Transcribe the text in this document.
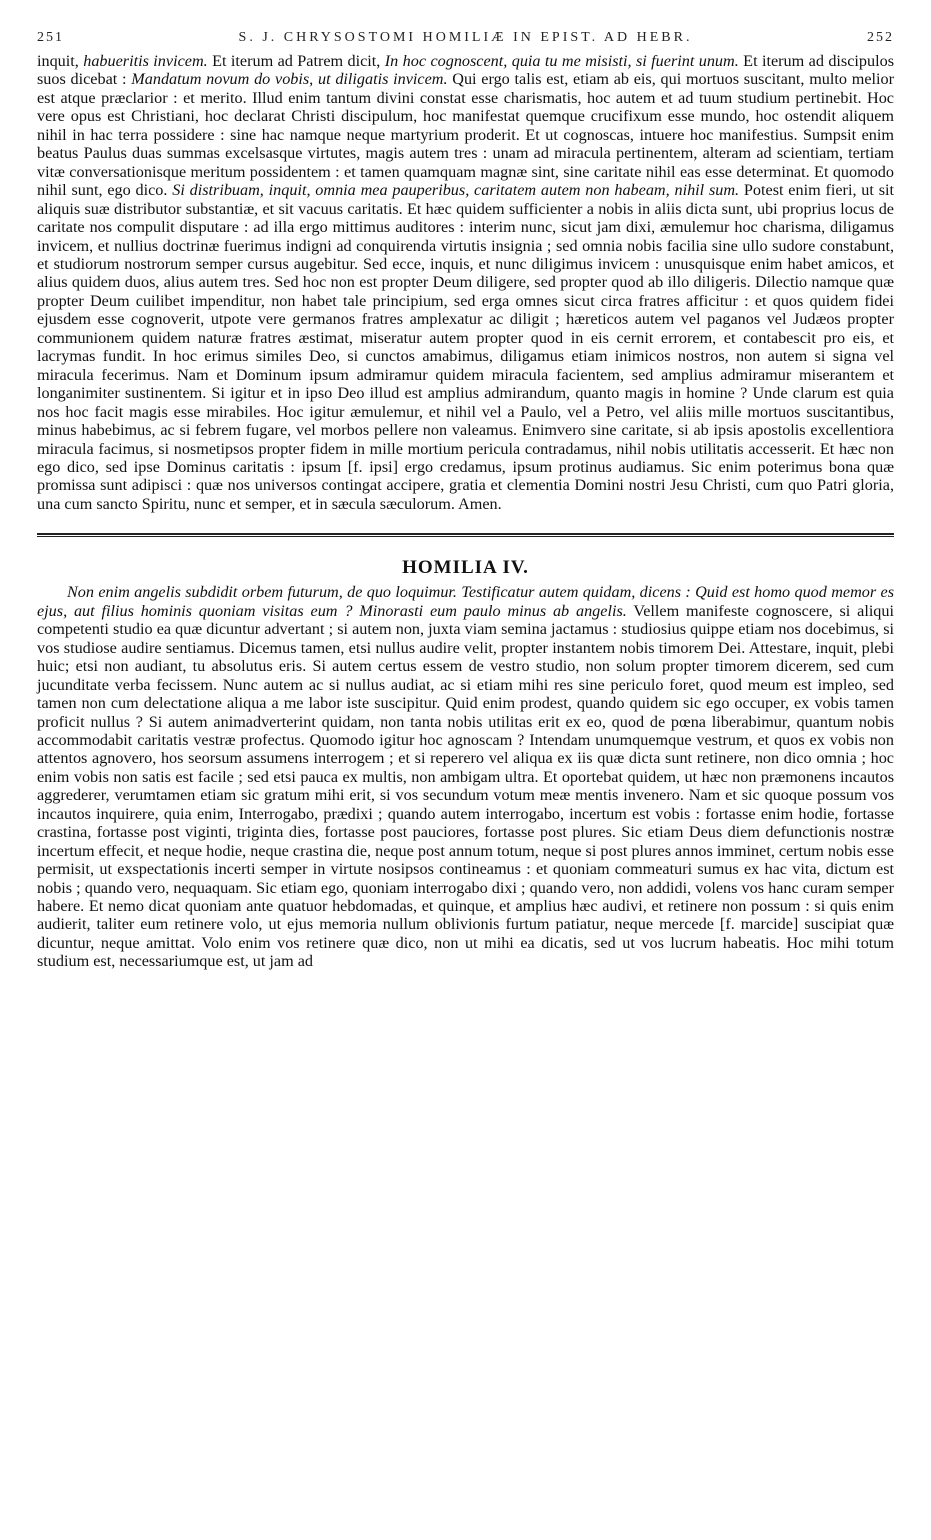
251	S. J. CHRYSOSTOMI HOMILIÆ IN EPIST. AD HEBR.	252

inquit, habueritis invicem. Et iterum ad Patrem dicit, In hoc cognoscent, quia tu me misisti, si fuerint unum. Et iterum ad discipulos suos dicebat : Mandatum novum do vobis, ut diligatis invicem. Qui ergo talis est, etiam ab eis, qui mortuos suscitant, multo melior est atque præclarior : et merito. Illud enim tantum divini constat esse charismatis, hoc autem et ad tuum studium pertinebit. Hoc vere opus est Christiani, hoc declarat Christi discipulum, hoc manifestat quemque crucifixum esse mundo, hoc ostendit aliquem nihil in hac terra possidere : sine hac namque neque martyrium proderit. Et ut cognoscas, intuere hoc manifestius. Sumpsit enim beatus Paulus duas summas excelsasque virtutes, magis autem tres : unam ad miracula pertinentem, alteram ad scientiam, tertiam vitæ conversationisque meritum possidentem : et tamen quamquam magnæ sint, sine caritate nihil eas esse determinat. Et quomodo nihil sunt, ego dico. Si distribuam, inquit, omnia mea pauperibus, caritatem autem non habeam, nihil sum. Potest enim fieri, ut sit aliquis suæ distributor substantiæ, et sit vacuus caritatis. Et hæc quidem sufficienter a nobis in aliis dicta sunt, ubi proprius locus de caritate nos compulit disputare : ad illa ergo mittimus auditores : interim nunc, sicut jam dixi, æmulemur hoc charisma, diligamus invicem, et nullius doctrinæ fuerimus indigni ad conquirenda virtutis insignia ; sed omnia nobis facilia sine ullo sudore constabunt, et studiorum nostrorum semper cursus augebitur. Sed ecce, inquis, et nunc diligimus invicem : unusquisque enim habet amicos, et alius quidem duos, alius autem tres. Sed hoc non est propter Deum diligere, sed propter quod ab illo diligeris. Dilectio namque quæ propter Deum cuilibet impenditur, non habet tale principium, sed erga omnes sicut circa fratres afficitur : et quos quidem fidei ejusdem esse cognoverit, utpote vere germanos fratres amplexatur ac diligit ; hæreticos autem vel paganos vel Judæos propter communionem quidem naturæ fratres æstimat, miseratur autem propter quod in eis cernit errorem, et contabescit pro eis, et lacrymas fundit. In hoc erimus similes Deo, si cunctos amabimus, diligamus etiam inimicos nostros, non autem si signa vel miracula fecerimus. Nam et Dominum ipsum admiramur quidem miracula facientem, sed amplius admiramur miserantem et longanimiter sustinentem. Si igitur et in ipso Deo illud est amplius admirandum, quanto magis in homine ? Unde clarum est quia nos hoc facit magis esse mirabiles. Hoc igitur æmulemur, et nihil vel a Paulo, vel a Petro, vel aliis mille mortuos suscitantibus, minus habebimus, ac si febrem fugare, vel morbos pellere non valeamus. Enimvero sine caritate, si ab ipsis apostolis excellentiora miracula facimus, si nosmetipsos propter fidem in mille mortium pericula contradamus, nihil nobis utilitatis accesserit. Et hæc non ego dico, sed ipse Dominus caritatis : ipsum [f. ipsi] ergo credamus, ipsum protinus audiamus. Sic enim poterimus bona quæ promissa sunt adipisci : quæ nos universos contingat accipere, gratia et clementia Domini nostri Jesu Christi, cum quo Patri gloria, una cum sancto Spiritu, nunc et semper, et in sæcula sæculorum. Amen.

HOMILIA IV.

Non enim angelis subdidit orbem futurum, de quo loquimur. Testificatur autem quidam, dicens : Quid est homo quod memor es ejus, aut filius hominis quoniam visitas eum ? Minorasti eum paulo minus ab angelis. Vellem manifeste cognoscere, si aliqui competenti studio ea quæ dicuntur advertant ; si autem non, juxta viam semina jactamus : studiosius quippe etiam nos docebimus, si vos studiose audire sentiamus. Dicemus tamen, etsi nullus audire velit, propter instantem nobis timorem Dei. Attestare, inquit, plebi huic; etsi non audiant, tu absolutus eris. Si autem certus essem de vestro studio, non solum propter timorem dicerem, sed cum jucunditate verba fecissem. Nunc autem ac si nullus audiat, ac si etiam mihi res sine periculo foret, quod meum est impleo, sed tamen non cum delectatione aliqua a me labor iste suscipitur. Quid enim prodest, quando quidem sic ego occuper, ex vobis tamen proficit nullus ? Si autem animadverterint quidam, non tanta nobis utilitas erit ex eo, quod de pœna liberabimur, quantum nobis accommodabit caritatis vestræ profectus. Quomodo igitur hoc agnoscam ? Intendam unumquemque vestrum, et quos ex vobis non attentos agnovero, hos seorsum assumens interrogem ; et si reperero vel aliqua ex iis quæ dicta sunt retinere, non dico omnia ; hoc enim vobis non satis est facile ; sed etsi pauca ex multis, non ambigam ultra. Et oportebat quidem, ut hæc non præmonens incautos aggrederer, verumtamen etiam sic gratum mihi erit, si vos secundum votum meæ mentis invenero. Nam et sic quoque possum vos incautos inquirere, quia enim, Interrogabo, prædixi ; quando autem interrogabo, incertum est vobis : fortasse enim hodie, fortasse crastina, fortasse post viginti, triginta dies, fortasse post pauciores, fortasse post plures. Sic etiam Deus diem defunctionis nostræ incertum effecit, et neque hodie, neque crastina die, neque post annum totum, neque si post plures annos imminet, certum nobis esse permisit, ut exspectationis incerti semper in virtute nosipsos contineamus : et quoniam commeaturi sumus ex hac vita, dictum est nobis ; quando vero, nequaquam. Sic etiam ego, quoniam interrogabo dixi ; quando vero, non addidi, volens vos hanc curam semper habere. Et nemo dicat quoniam ante quatuor hebdomadas, et quinque, et amplius hæc audivi, et retinere non possum : si quis enim audierit, taliter eum retinere volo, ut ejus memoria nullum oblivionis furtum patiatur, neque mercede [f. marcide] suscipiat quæ dicuntur, neque amittat. Volo enim vos retinere quæ dico, non ut mihi ea dicatis, sed ut vos lucrum habeatis. Hoc mihi totum studium est, necessariumque est, ut jam ad
